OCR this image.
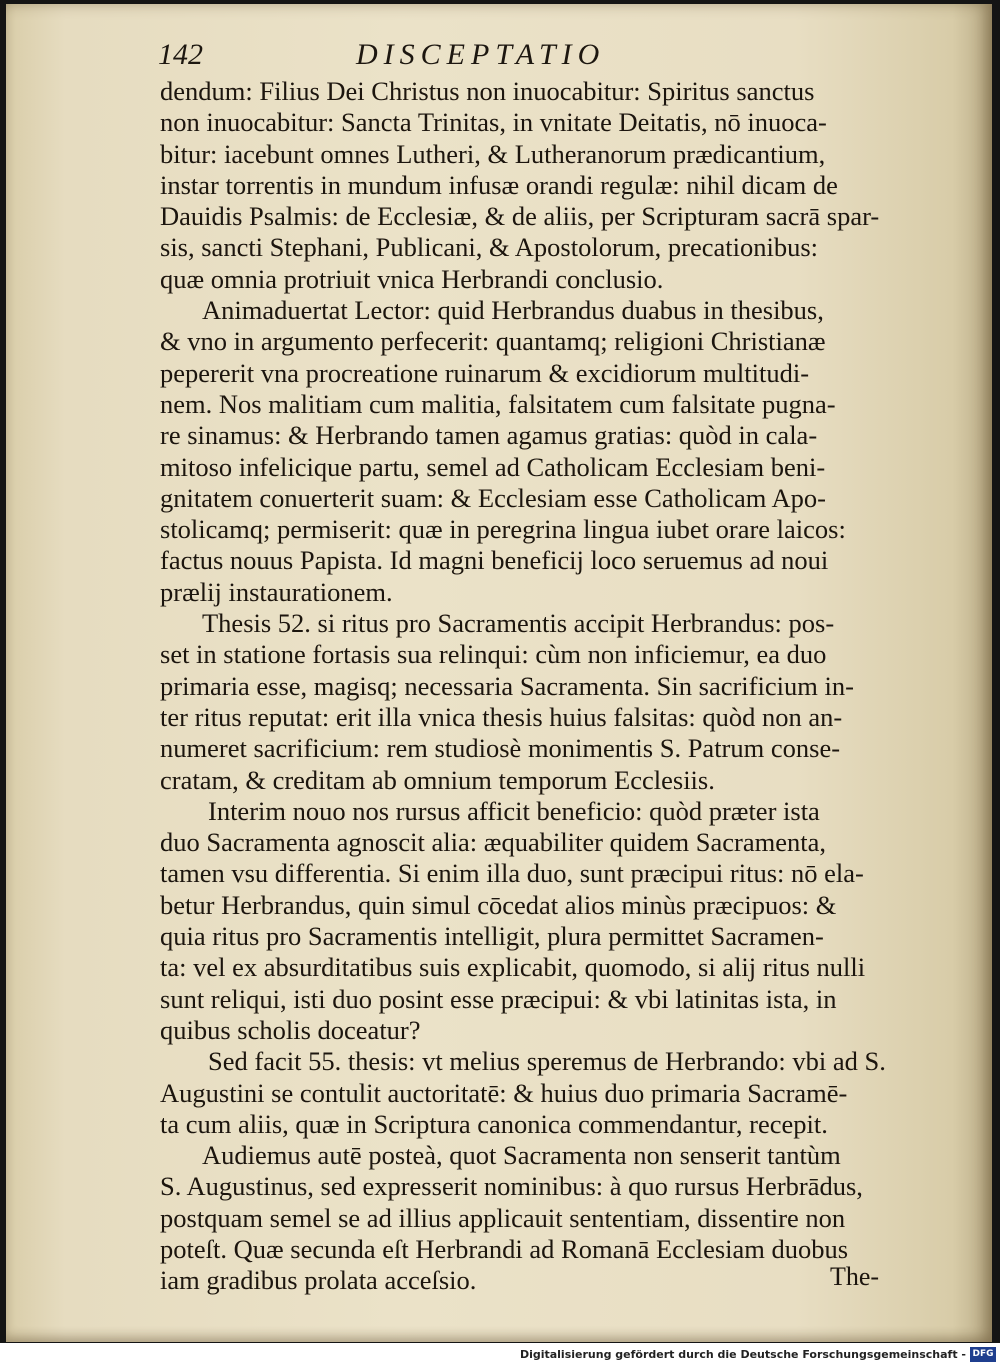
142	DISCEPTATIO
dendum: Filius Dei Christus non inuocabitur: Spiritus sanctus
non inuocabitur: Sancta Trinitas, in vnitate Deitatis, nō inuoca-
bitur: iacebunt omnes Lutheri, & Lutheranorum prædicantium,
instar torrentis in mundum infusæ orandi regulæ: nihil dicam de
Dauidis Psalmis: de Ecclesiæ, & de aliis, per Scripturam sacrā spar-
sis, sancti Stephani, Publicani, & Apostolorum, precationibus:
quæ omnia protriuit vnica Herbrandi conclusio.
Animaduertat Lector: quid Herbrandus duabus in thesibus,
& vno in argumento perfecerit: quantamq; religioni Christianæ
pepererit vna procreatione ruinarum & excidiorum multitudi-
nem. Nos malitiam cum malitia, falsitatem cum falsitate pugna-
re sinamus: & Herbrando tamen agamus gratias: quòd in cala-
mitoso infelicique partu, semel ad Catholicam Ecclesiam beni-
gnitatem conuerterit suam: & Ecclesiam esse Catholicam Apo-
stolicamq; permiserit: quæ in peregrina lingua iubet orare laicos:
factus nouus Papista. Id magni beneficij loco seruemus ad noui
prælij instaurationem.
Thesis 52. si ritus pro Sacramentis accipit Herbrandus: pos-
set in statione fortasis sua relinqui: cùm non inficiemur, ea duo
primaria esse, magisq; necessaria Sacramenta. Sin sacrificium in-
ter ritus reputat: erit illa vnica thesis huius falsitas: quòd non an-
numeret sacrificium: rem studiosè monimentis S. Patrum conse-
cratam, & creditam ab omnium temporum Ecclesiis.
Interim nouo nos rursus afficit beneficio: quòd præter ista
duo Sacramenta agnoscit alia: æquabiliter quidem Sacramenta,
tamen vsu differentia. Si enim illa duo, sunt præcipui ritus: nō ela-
betur Herbrandus, quin simul cōcedat alios minùs præcipuos: &
quia ritus pro Sacramentis intelligit, plura permittet Sacramen-
ta: vel ex absurditatibus suis explicabit, quomodo, si alij ritus nulli
sunt reliqui, isti duo posint esse præcipui: & vbi latinitas ista, in
quibus scholis doceatur?
Sed facit 55. thesis: vt melius speremus de Herbrando: vbi ad S.
Augustini se contulit auctoritatē: & huius duo primaria Sacramē-
ta cum aliis, quæ in Scriptura canonica commendantur, recepit.
Audiemus autē posteà, quot Sacramenta non senserit tantùm
S. Augustinus, sed expresserit nominibus: à quo rursus Herbrādus,
postquam semel se ad illius applicauit sententiam, dissentire non
poteſt. Quæ secunda eſt Herbrandi ad Romanā Ecclesiam duobus
iam gradibus prolata acceſsio.	The-
Digitalisierung gefördert durch die Deutsche Forschungsgemeinschaft - DFG
